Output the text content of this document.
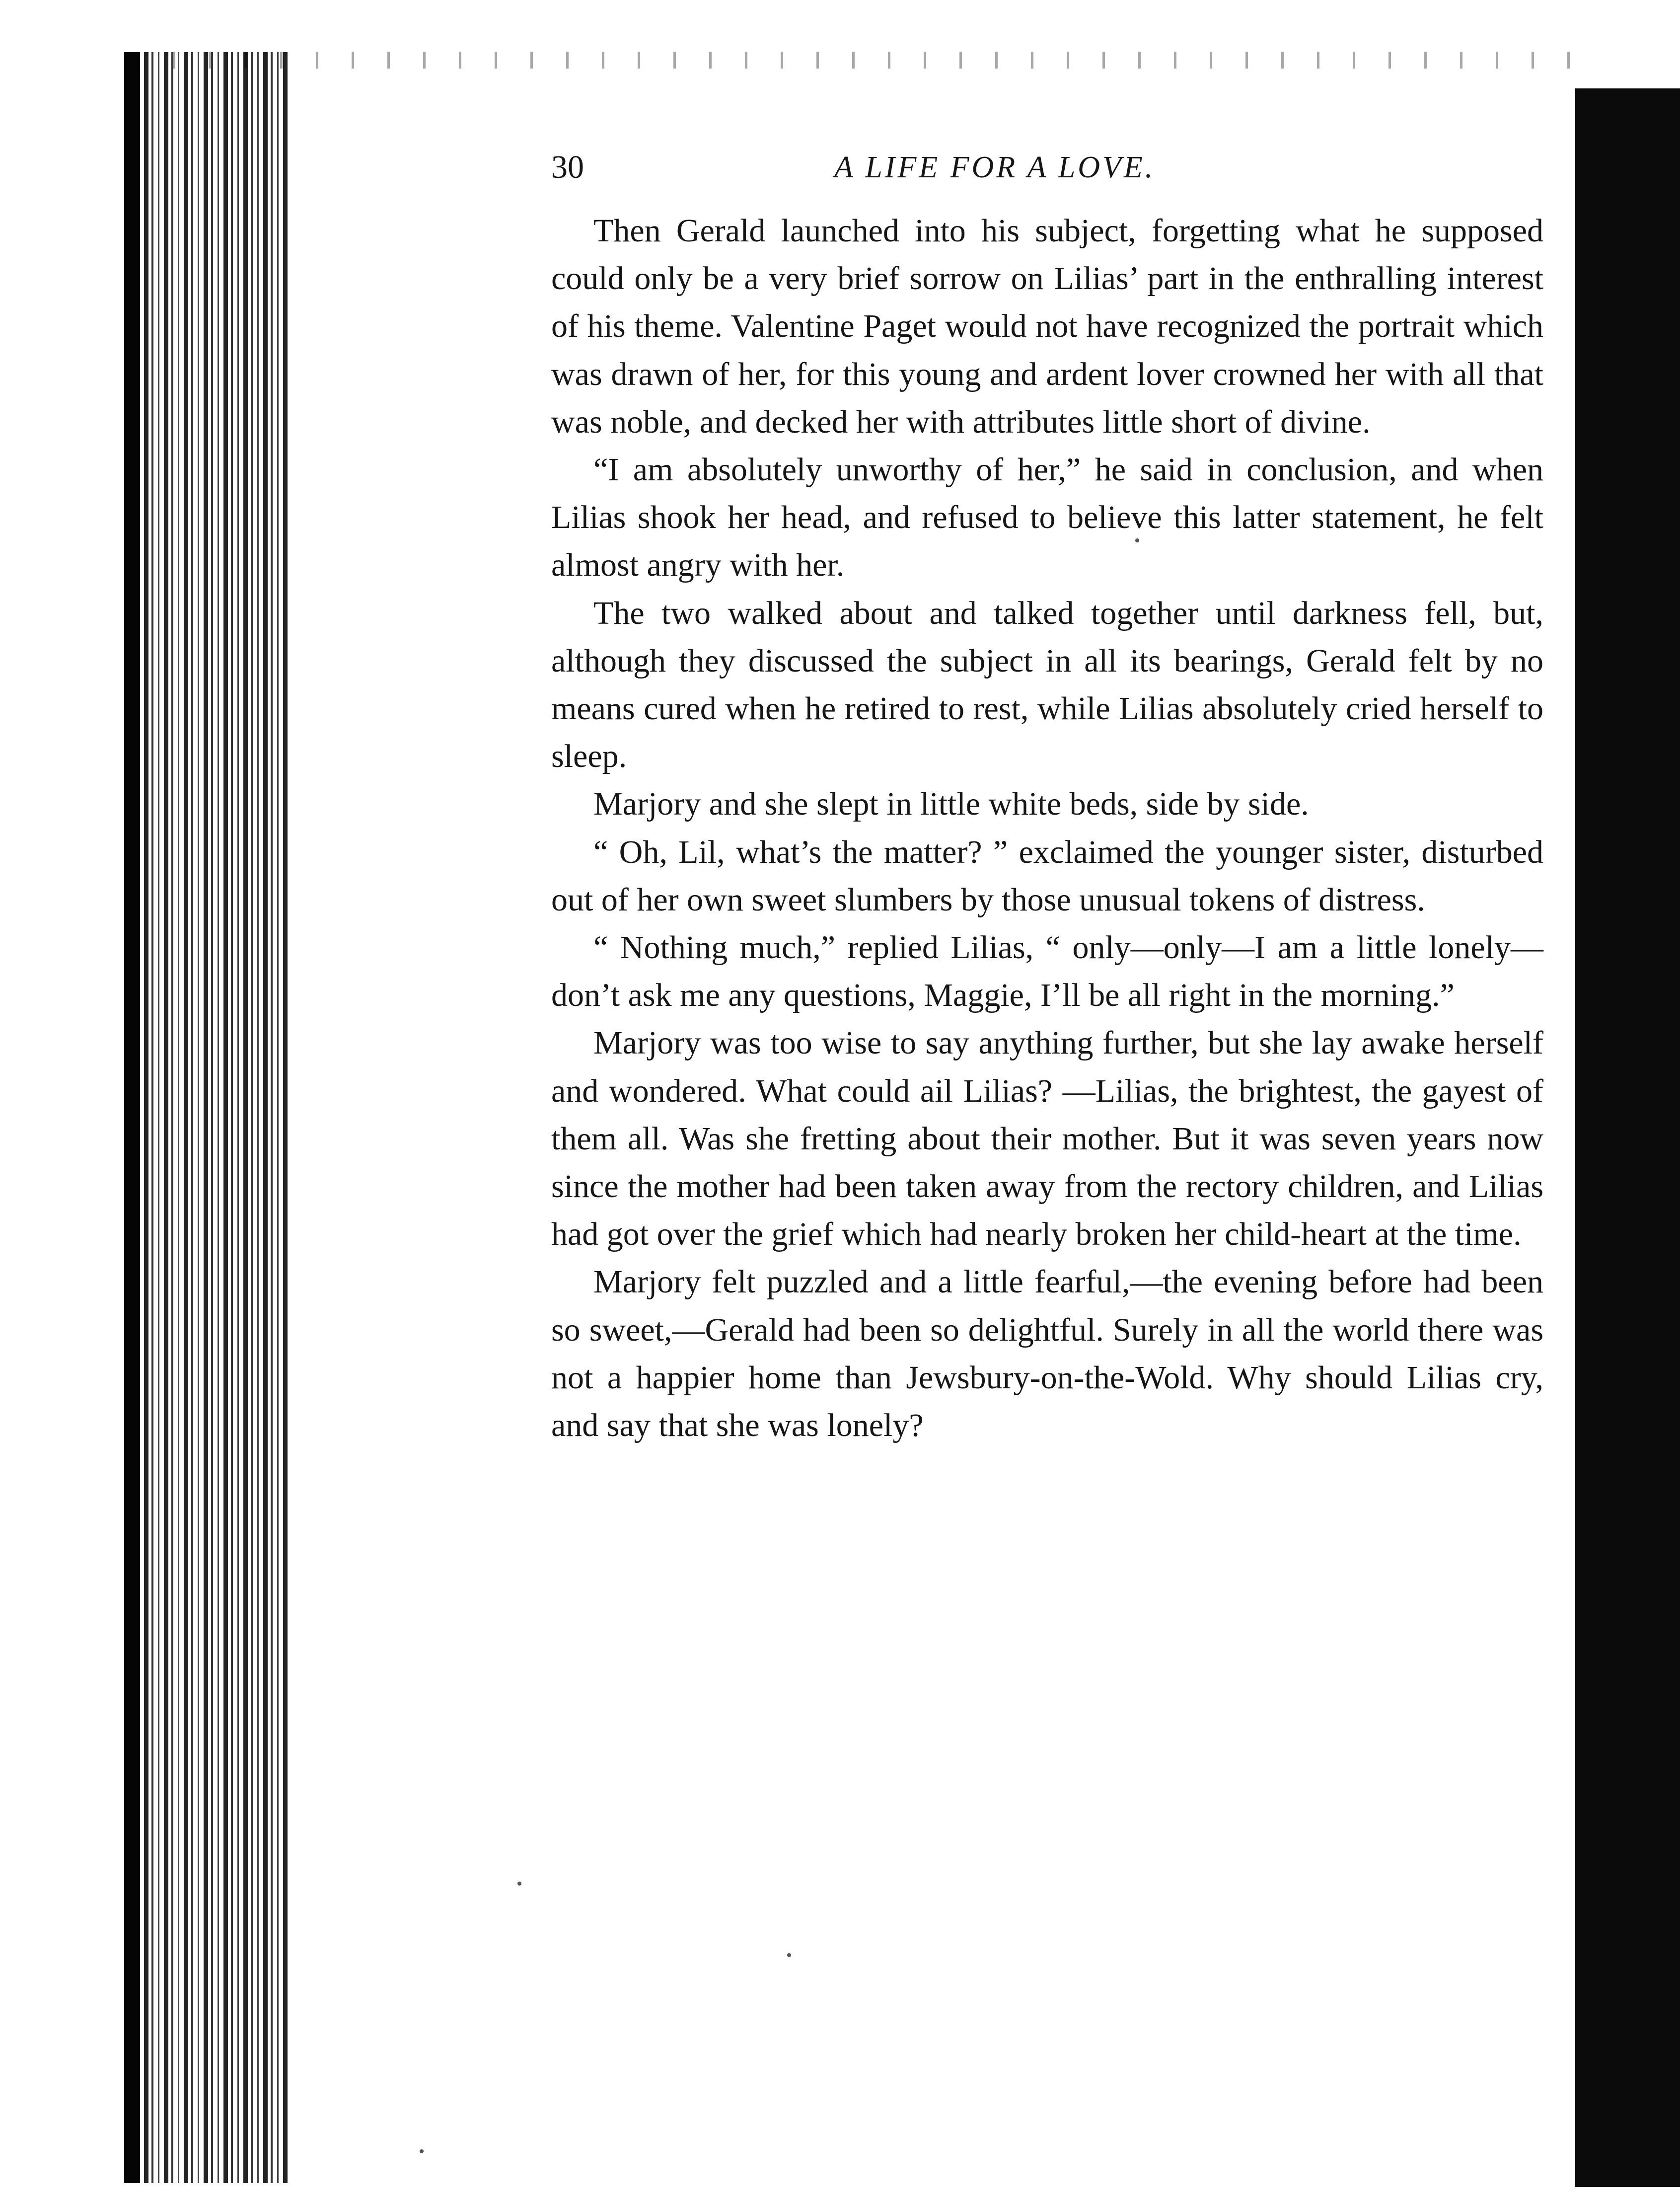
30	A LIFE FOR A LOVE.

Then Gerald launched into his subject, forgetting what he supposed could only be a very brief sorrow on Lilias’ part in the enthralling interest of his theme. Valentine Paget would not have recognized the portrait which was drawn of her, for this young and ardent lover crowned her with all that was noble, and decked her with attributes little short of divine.

“I am absolutely unworthy of her,” he said in conclusion, and when Lilias shook her head, and refused to believe this latter statement, he felt almost angry with her.

The two walked about and talked together until darkness fell, but, although they discussed the subject in all its bearings, Gerald felt by no means cured when he retired to rest, while Lilias absolutely cried herself to sleep.

Marjory and she slept in little white beds, side by side.

“ Oh, Lil, what’s the matter? ” exclaimed the younger sister, disturbed out of her own sweet slumbers by those unusual tokens of distress.

“ Nothing much,” replied Lilias, “ only—only—I am a little lonely—don’t ask me any questions, Maggie, I’ll be all right in the morning.”

Marjory was too wise to say anything further, but she lay awake herself and wondered. What could ail Lilias? —Lilias, the brightest, the gayest of them all. Was she fretting about their mother. But it was seven years now since the mother had been taken away from the rectory children, and Lilias had got over the grief which had nearly broken her child-heart at the time.

Marjory felt puzzled and a little fearful,—the evening before had been so sweet,—Gerald had been so delightful. Surely in all the world there was not a happier home than Jewsbury-on-the-Wold. Why should Lilias cry, and say that she was lonely?
